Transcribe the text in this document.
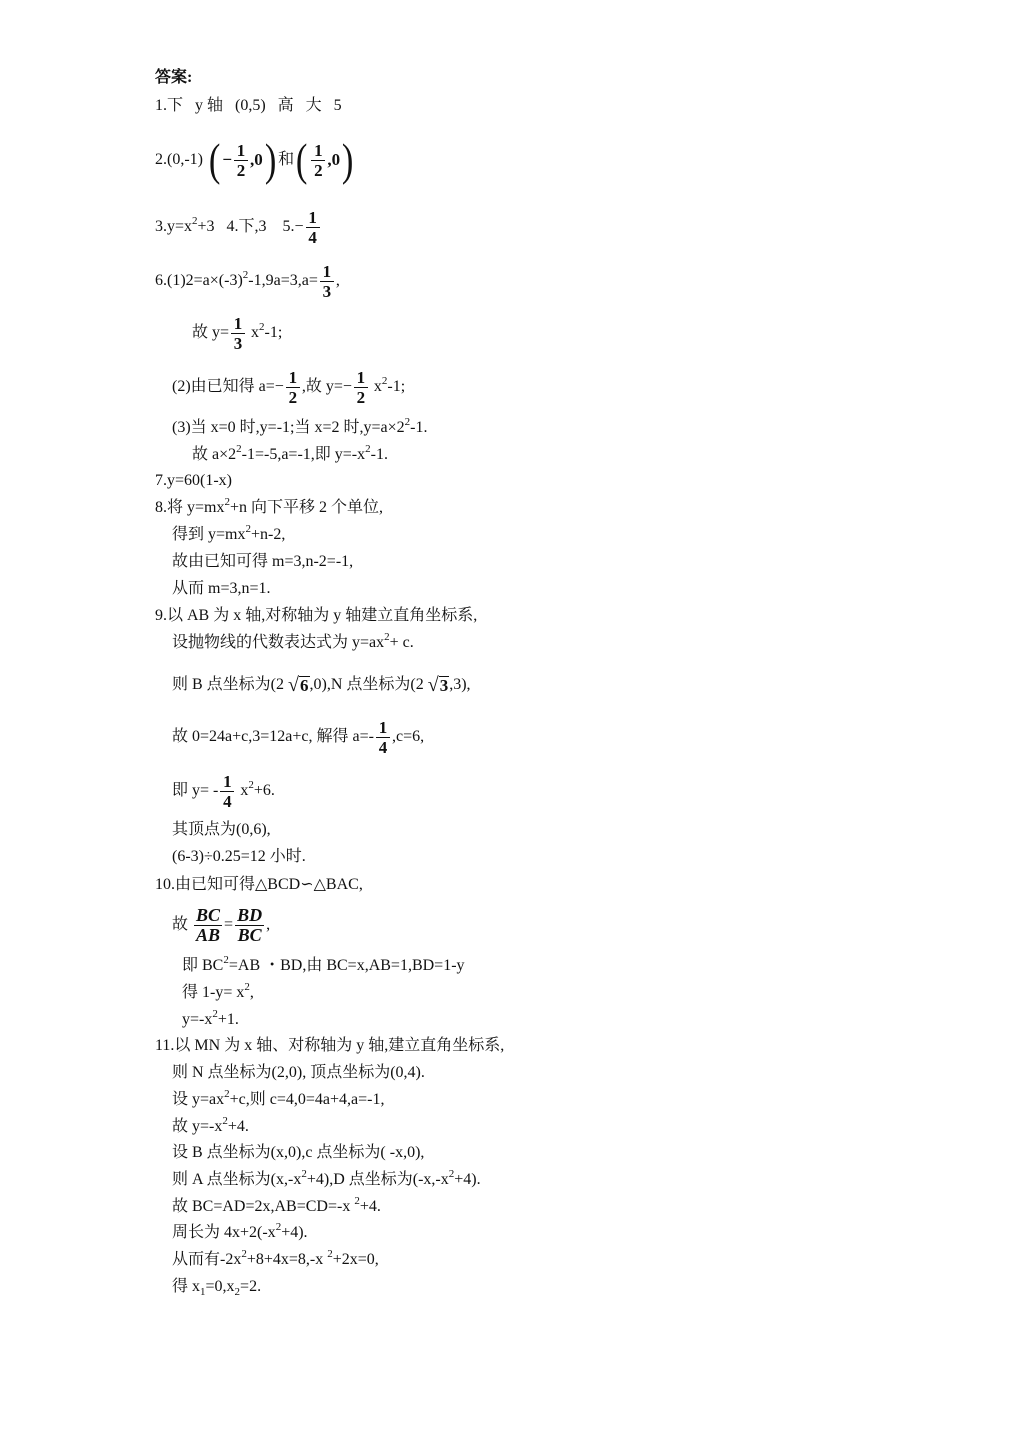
答案:
1.下   y 轴   (0,5)   高   大   5
2.(0,-1) ( − $\frac{1}{2} ,0$ ) 和 ( $\frac{1}{2} ,0$ )
3.y=x 2 +3   4.下,3    $5.- \frac{1}{4}$
6.(1)2=a×(-3) 2 $-1,9a=3,a= \frac{1}{3}$ ,
故 $y= \frac{1}{3}$ x 2 -1;
(2)由已知得 $a=- \frac{1}{2}$ ,故 $y=- \frac{1}{2}$ x 2 -1;
(3)当 x=0 时,y=-1;当 x=2 时,y=a×2 2 -1.
故 a×2 2 -1=-5,a=-1,即 y=-x 2 -1.
7.y=60(1-x)
8.将 y=mx 2 +n 向下平移 2 个单位,
得到 y=mx 2 +n-2,
故由已知可得 m=3,n-2=-1,
从而 m=3,n=1.
9.以 AB 为 x 轴,对称轴为 y 轴建立直角坐标系,
设抛物线的代数表达式为 y=ax 2 + c.
则 B 点坐标为(2 √ 6 ,0),N 点坐标为(2 √ 3 ,3),
故 0=24a+c,3=12a+c, 解得 $a=- \frac{1}{4} ,c=6$,
即 $y= - \frac{1}{4}$ x 2 +6.
其顶点为(0,6),
(6-3)÷0.25=12 小时.
10.由已知可得△BCD∽△BAC,
故 $\frac{BC}{AB} = \frac{BD}{BC}$ ,
即 BC 2 =AB ・BD,由 BC=x,AB=1,BD=1-y
得 1-y= x 2 ,
y=-x 2 +1.
11.以 MN 为 x 轴、对称轴为 y 轴,建立直角坐标系,
则 N 点坐标为(2,0), 顶点坐标为(0,4).
设 y=ax 2 +c,则 c=4,0=4a+4,a=-1,
故 y=-x 2 +4.
设 B 点坐标为(x,0),c 点坐标为( -x,0),
则 A 点坐标为(x,-x 2 +4),D 点坐标为(-x,-x 2 +4).
故 BC=AD=2x,AB=CD=-x 2 +4.
周长为 4x+2(-x 2 +4).
从而有-2x 2 +8+4x=8,-x 2 +2x=0,
得 x 1 =0,x 2 =2.
